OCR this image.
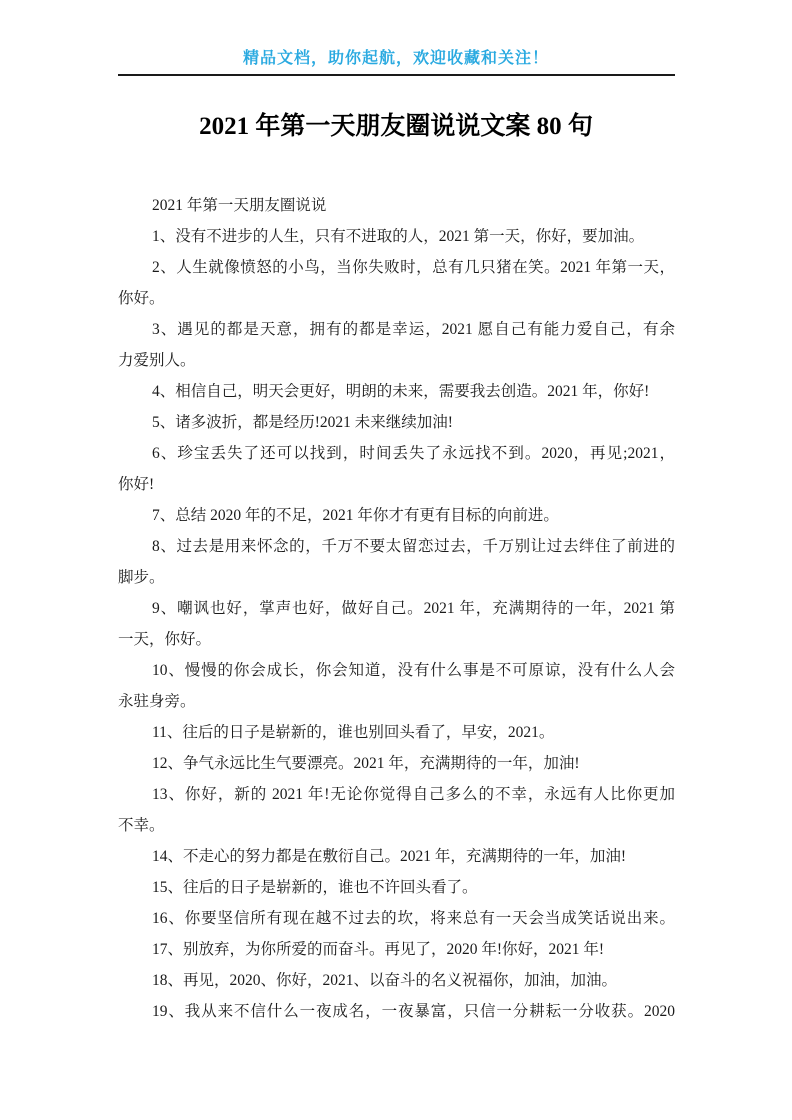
精品文档，助你起航，欢迎收藏和关注！
2021 年第一天朋友圈说说文案 80 句
2021 年第一天朋友圈说说
1、没有不进步的人生，只有不进取的人，2021 第一天，你好，要加油。
2、人生就像愤怒的小鸟，当你失败时，总有几只猪在笑。2021 年第一天，
你好。
3、遇见的都是天意，拥有的都是幸运，2021 愿自己有能力爱自己，有余
力爱别人。
4、相信自己，明天会更好，明朗的未来，需要我去创造。2021 年，你好!
5、诸多波折，都是经历!2021 未来继续加油!
6、珍宝丢失了还可以找到，时间丢失了永远找不到。2020，再见;2021，
你好!
7、总结 2020 年的不足，2021 年你才有更有目标的向前进。
8、过去是用来怀念的，千万不要太留恋过去，千万别让过去绊住了前进的
脚步。
9、嘲讽也好，掌声也好，做好自己。2021 年，充满期待的一年，2021 第
一天，你好。
10、慢慢的你会成长，你会知道，没有什么事是不可原谅，没有什么人会
永驻身旁。
11、往后的日子是崭新的，谁也别回头看了，早安，2021。
12、争气永远比生气要漂亮。2021 年，充满期待的一年，加油!
13、你好，新的 2021 年!无论你觉得自己多么的不幸，永远有人比你更加
不幸。
14、不走心的努力都是在敷衍自己。2021 年，充满期待的一年，加油!
15、往后的日子是崭新的，谁也不许回头看了。
16、你要坚信所有现在越不过去的坎，将来总有一天会当成笑话说出来。
17、别放弃，为你所爱的而奋斗。再见了，2020 年!你好，2021 年!
18、再见，2020、你好，2021、以奋斗的名义祝福你，加油，加油。
19、我从来不信什么一夜成名，一夜暴富，只信一分耕耘一分收获。2020
